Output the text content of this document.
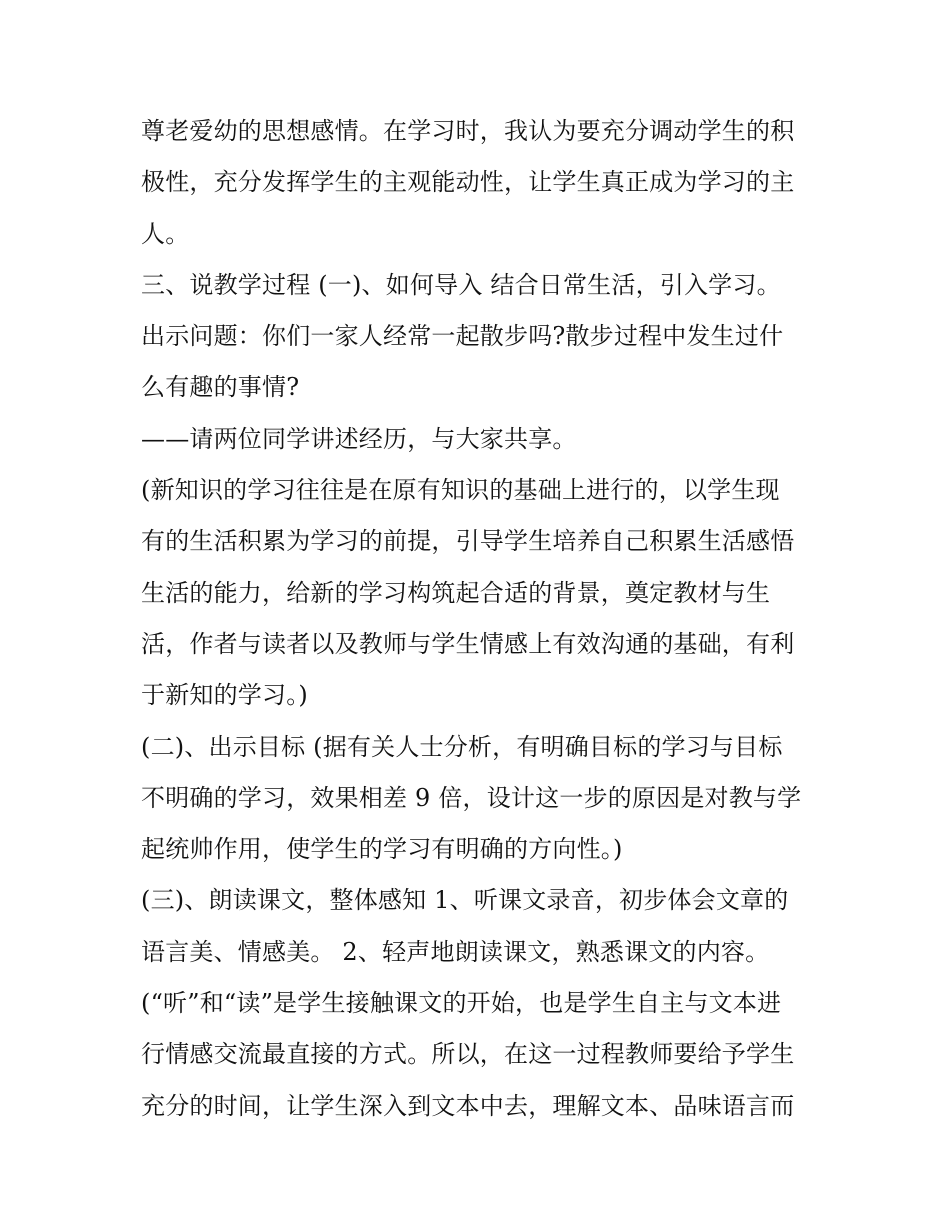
尊老爱幼的思想感情。在学习时，我认为要充分调动学生的积
极性，充分发挥学生的主观能动性，让学生真正成为学习的主
人。
三、说教学过程 (一)、如何导入 结合日常生活，引入学习。
出示问题：你们一家人经常一起散步吗?散步过程中发生过什
么有趣的事情?
——请两位同学讲述经历，与大家共享。
(新知识的学习往往是在原有知识的基础上进行的，以学生现
有的生活积累为学习的前提，引导学生培养自己积累生活感悟
生活的能力，给新的学习构筑起合适的背景，奠定教材与生
活，作者与读者以及教师与学生情感上有效沟通的基础，有利
于新知的学习。)
(二)、出示目标 (据有关人士分析，有明确目标的学习与目标
不明确的学习，效果相差 9 倍，设计这一步的原因是对教与学
起统帅作用，使学生的学习有明确的方向性。)
(三)、朗读课文，整体感知 1、听课文录音，初步体会文章的
语言美、情感美。 2、轻声地朗读课文，熟悉课文的内容。
(“听”和“读”是学生接触课文的开始，也是学生自主与文本进
行情感交流最直接的方式。所以，在这一过程教师要给予学生
充分的时间，让学生深入到文本中去，理解文本、品味语言而
